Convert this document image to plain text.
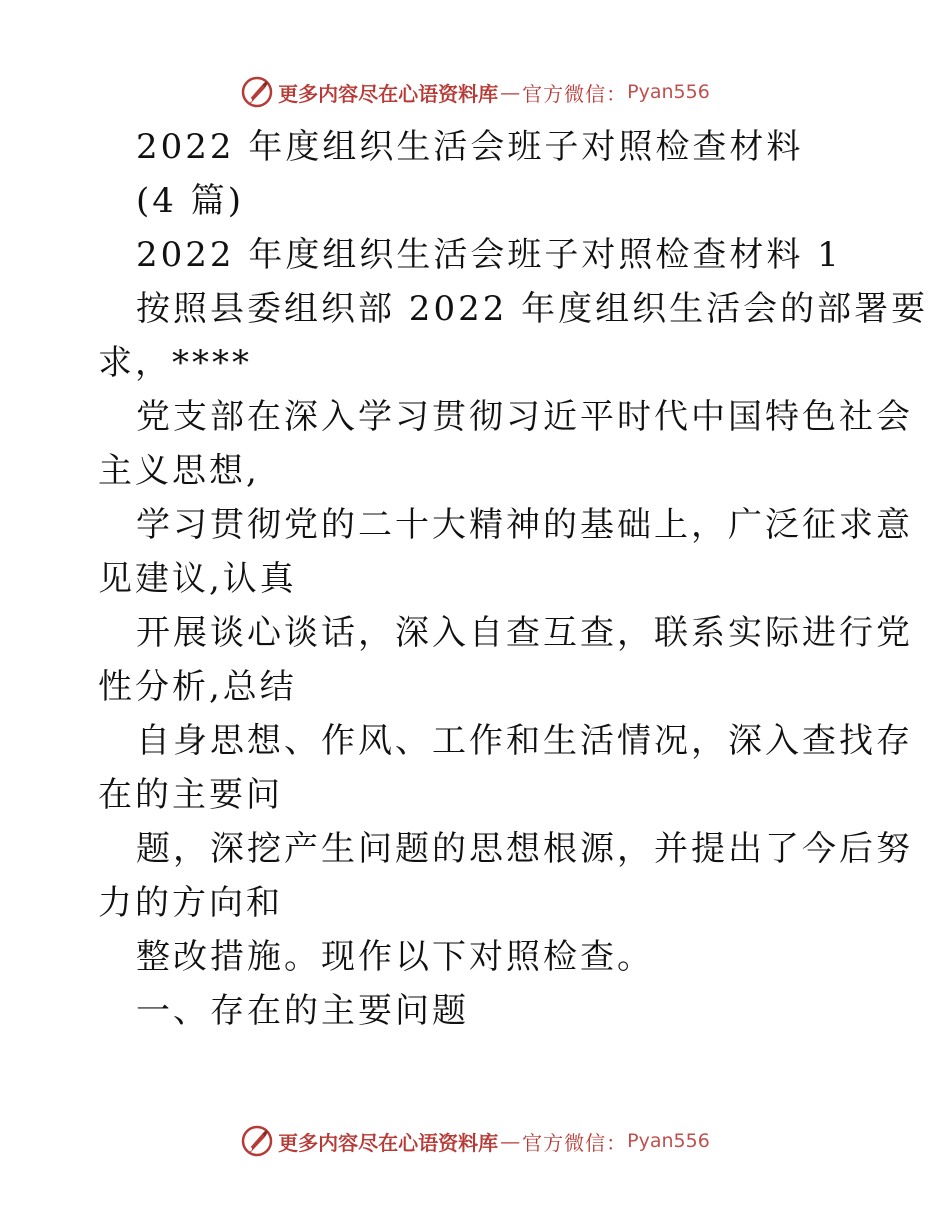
更多内容尽在心语资料库 — 官方微信： Pyan556
2022 年度组织生活会班子对照检查材料
(4 篇)
2022 年度组织生活会班子对照检查材料 1
按照县委组织部 2022 年度组织生活会的部署要
求，****
党支部在深入学习贯彻习近平时代中国特色社会
主义思想,
学习贯彻党的二十大精神的基础上，广泛征求意
见建议,认真
开展谈心谈话，深入自查互查，联系实际进行党
性分析,总结
自身思想、作风、工作和生活情况，深入查找存
在的主要问
题，深挖产生问题的思想根源，并提出了今后努
力的方向和
整改措施。现作以下对照检查。
一、存在的主要问题
更多内容尽在心语资料库 — 官方微信： Pyan556
